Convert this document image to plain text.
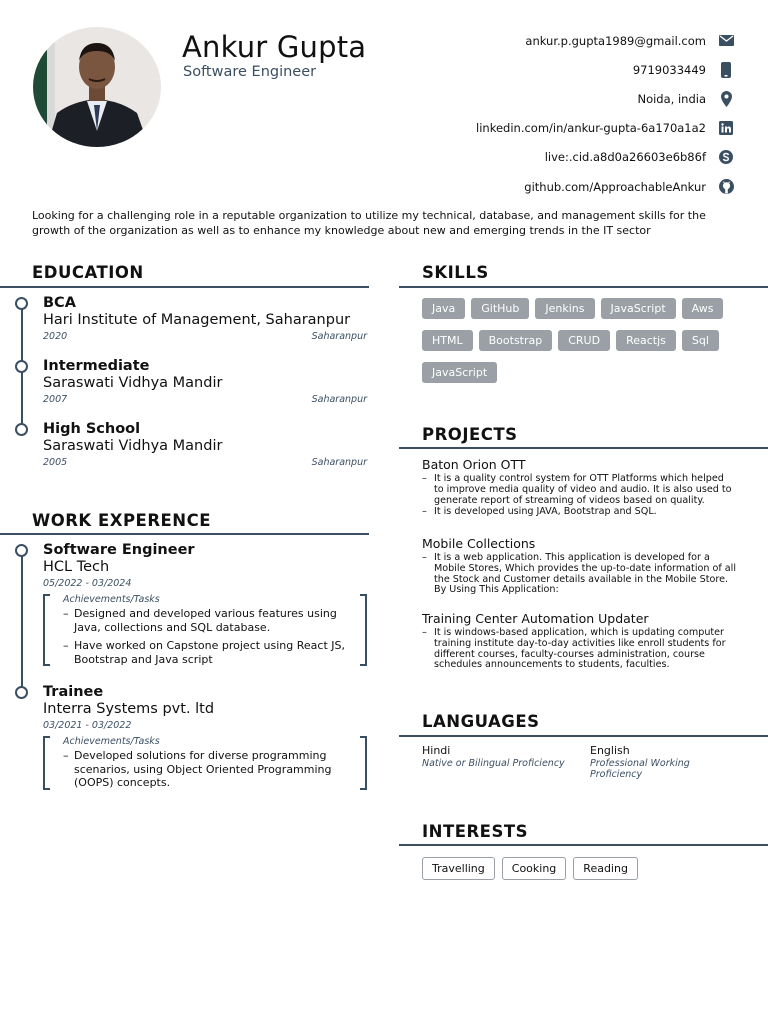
Ankur Gupta
Software Engineer
ankur.p.gupta1989@gmail.com
9719033449
Noida, india
linkedin.com/in/ankur-gupta-6a170a1a2
live:.cid.a8d0a26603e6b86f
github.com/ApproachableAnkur
Looking for a challenging role in a reputable organization to utilize my technical, database, and management skills for the growth of the organization as well as to enhance my knowledge about new and emerging trends in the IT sector
EDUCATION
BCA
Hari Institute of Management, Saharanpur
2020	Saharanpur
Intermediate
Saraswati Vidhya Mandir
2007	Saharanpur
High School
Saraswati Vidhya Mandir
2005	Saharanpur
WORK EXPERENCE
Software Engineer
HCL Tech
05/2022 - 03/2024
Achievements/Tasks
– Designed and developed various features using Java, collections and SQL database.
– Have worked on Capstone project using React JS, Bootstrap and Java script
Trainee
Interra Systems pvt. ltd
03/2021 - 03/2022
Achievements/Tasks
– Developed solutions for diverse programming scenarios, using Object Oriented Programming (OOPS) concepts.
SKILLS
Java	GitHub	Jenkins	JavaScript	Aws
HTML	Bootstrap	CRUD	Reactjs	Sql
JavaScript
PROJECTS
Baton Orion OTT
– It is a quality control system for OTT Platforms which helped to improve media quality of video and audio. It is also used to generate report of streaming of videos based on quality.
– It is developed using JAVA, Bootstrap and SQL.
Mobile Collections
– It is a web application. This application is developed for a Mobile Stores, Which provides the up-to-date information of all the Stock and Customer details available in the Mobile Store. By Using This Application:
Training Center Automation Updater
– It is windows-based application, which is updating computer training institute day-to-day activities like enroll students for different courses, faculty-courses administration, course schedules announcements to students, faculties.
LANGUAGES
Hindi
Native or Bilingual Proficiency
English
Professional Working Proficiency
INTERESTS
Travelling	Cooking	Reading
